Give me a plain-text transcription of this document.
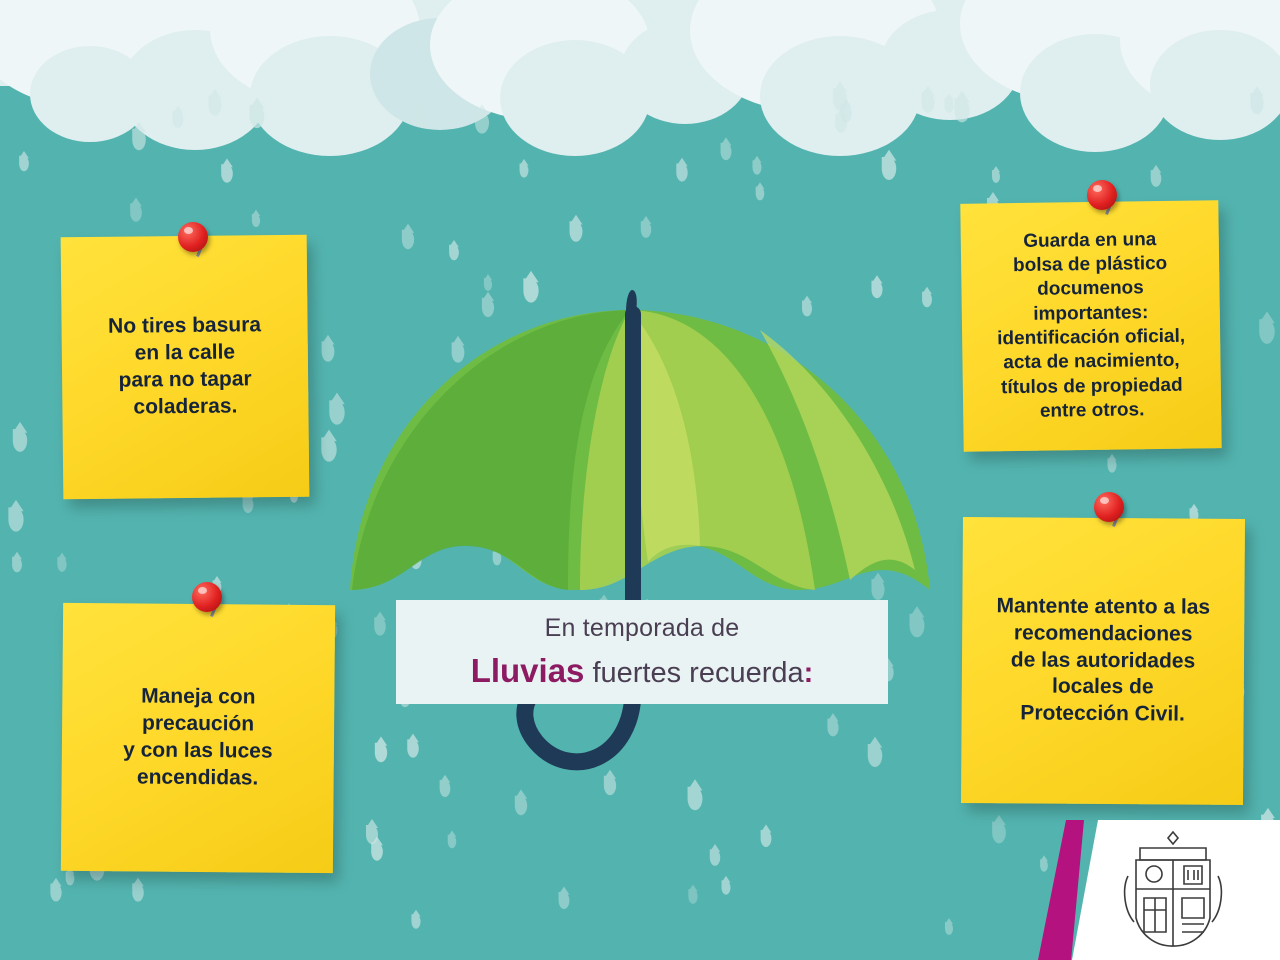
No tires basura
en la calle
para no tapar
coladeras.
Maneja con
precaución
y con las luces
encendidas.
Guarda en una
bolsa de plástico
documenos
importantes:
identificación oficial,
acta de nacimiento,
títulos de propiedad
entre otros.
Mantente atento a las
recomendaciones
de las autoridades
locales de
Protección Civil.
En temporada de
Lluvias fuertes recuerda:
